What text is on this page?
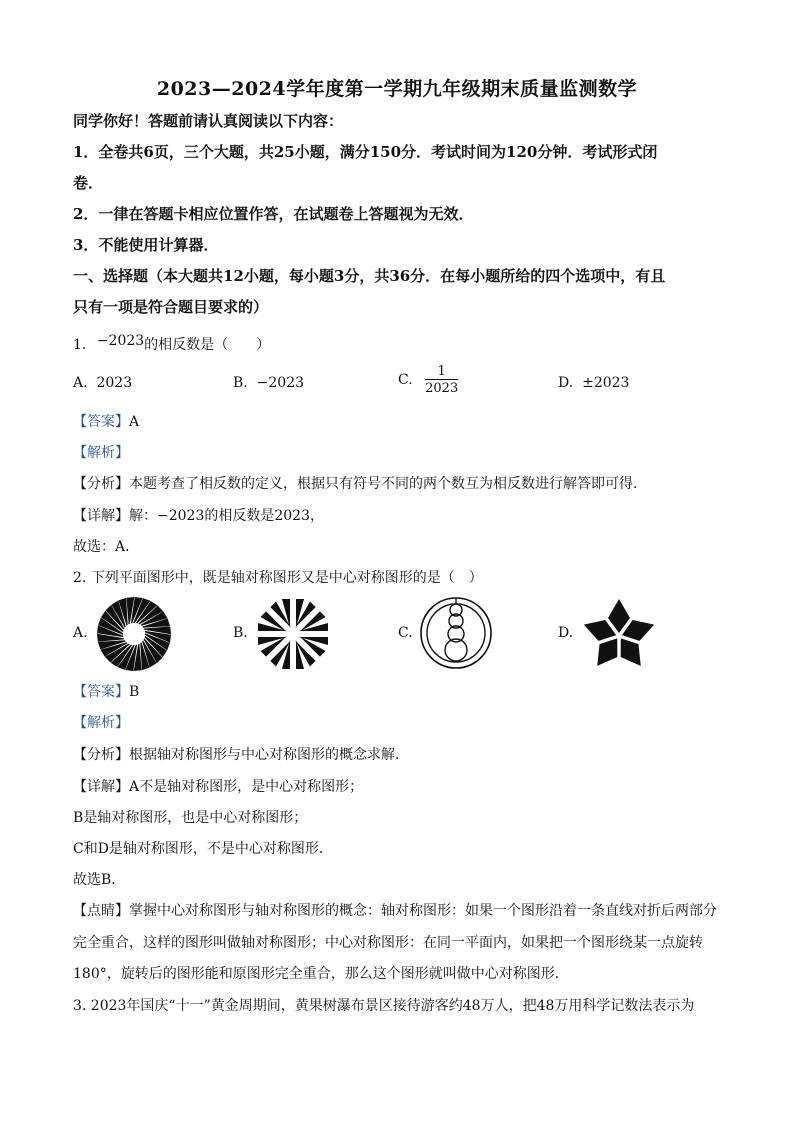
2023—2024学年度第一学期九年级期末质量监测数学
同学你好！答题前请认真阅读以下内容：
1．全卷共6页，三个大题，共25小题，满分150分．考试时间为120分钟．考试形式闭
卷．
2．一律在答题卡相应位置作答，在试题卷上答题视为无效．
3．不能使用计算器．
一、选择题（本大题共12小题，每小题3分，共36分．在每小题所给的四个选项中，有且
只有一项是符合题目要求的）
1. −2023的相反数是（　　）
A. 2023	B. −2023	C. $\frac{1}{2023}$	D. ±2023
【答案】A
【解析】
【分析】本题考查了相反数的定义，根据只有符号不同的两个数互为相反数进行解答即可得．
【详解】解：−2023的相反数是2023，
故选：A．
2. 下列平面图形中，既是轴对称图形又是中心对称图形的是（　）
A.	B.	C.	D.
【答案】B
【解析】
【分析】根据轴对称图形与中心对称图形的概念求解．
【详解】A不是轴对称图形，是中心对称图形；
B是轴对称图形，也是中心对称图形；
C和D是轴对称图形，不是中心对称图形．
故选B．
【点睛】掌握中心对称图形与轴对称图形的概念：轴对称图形：如果一个图形沿着一条直线对折后两部分
完全重合，这样的图形叫做轴对称图形；中心对称图形：在同一平面内，如果把一个图形绕某一点旋转
180°，旋转后的图形能和原图形完全重合，那么这个图形就叫做中心对称图形．
3. 2023年国庆“十一”黄金周期间，黄果树瀑布景区接待游客约48万人，把48万用科学记数法表示为
